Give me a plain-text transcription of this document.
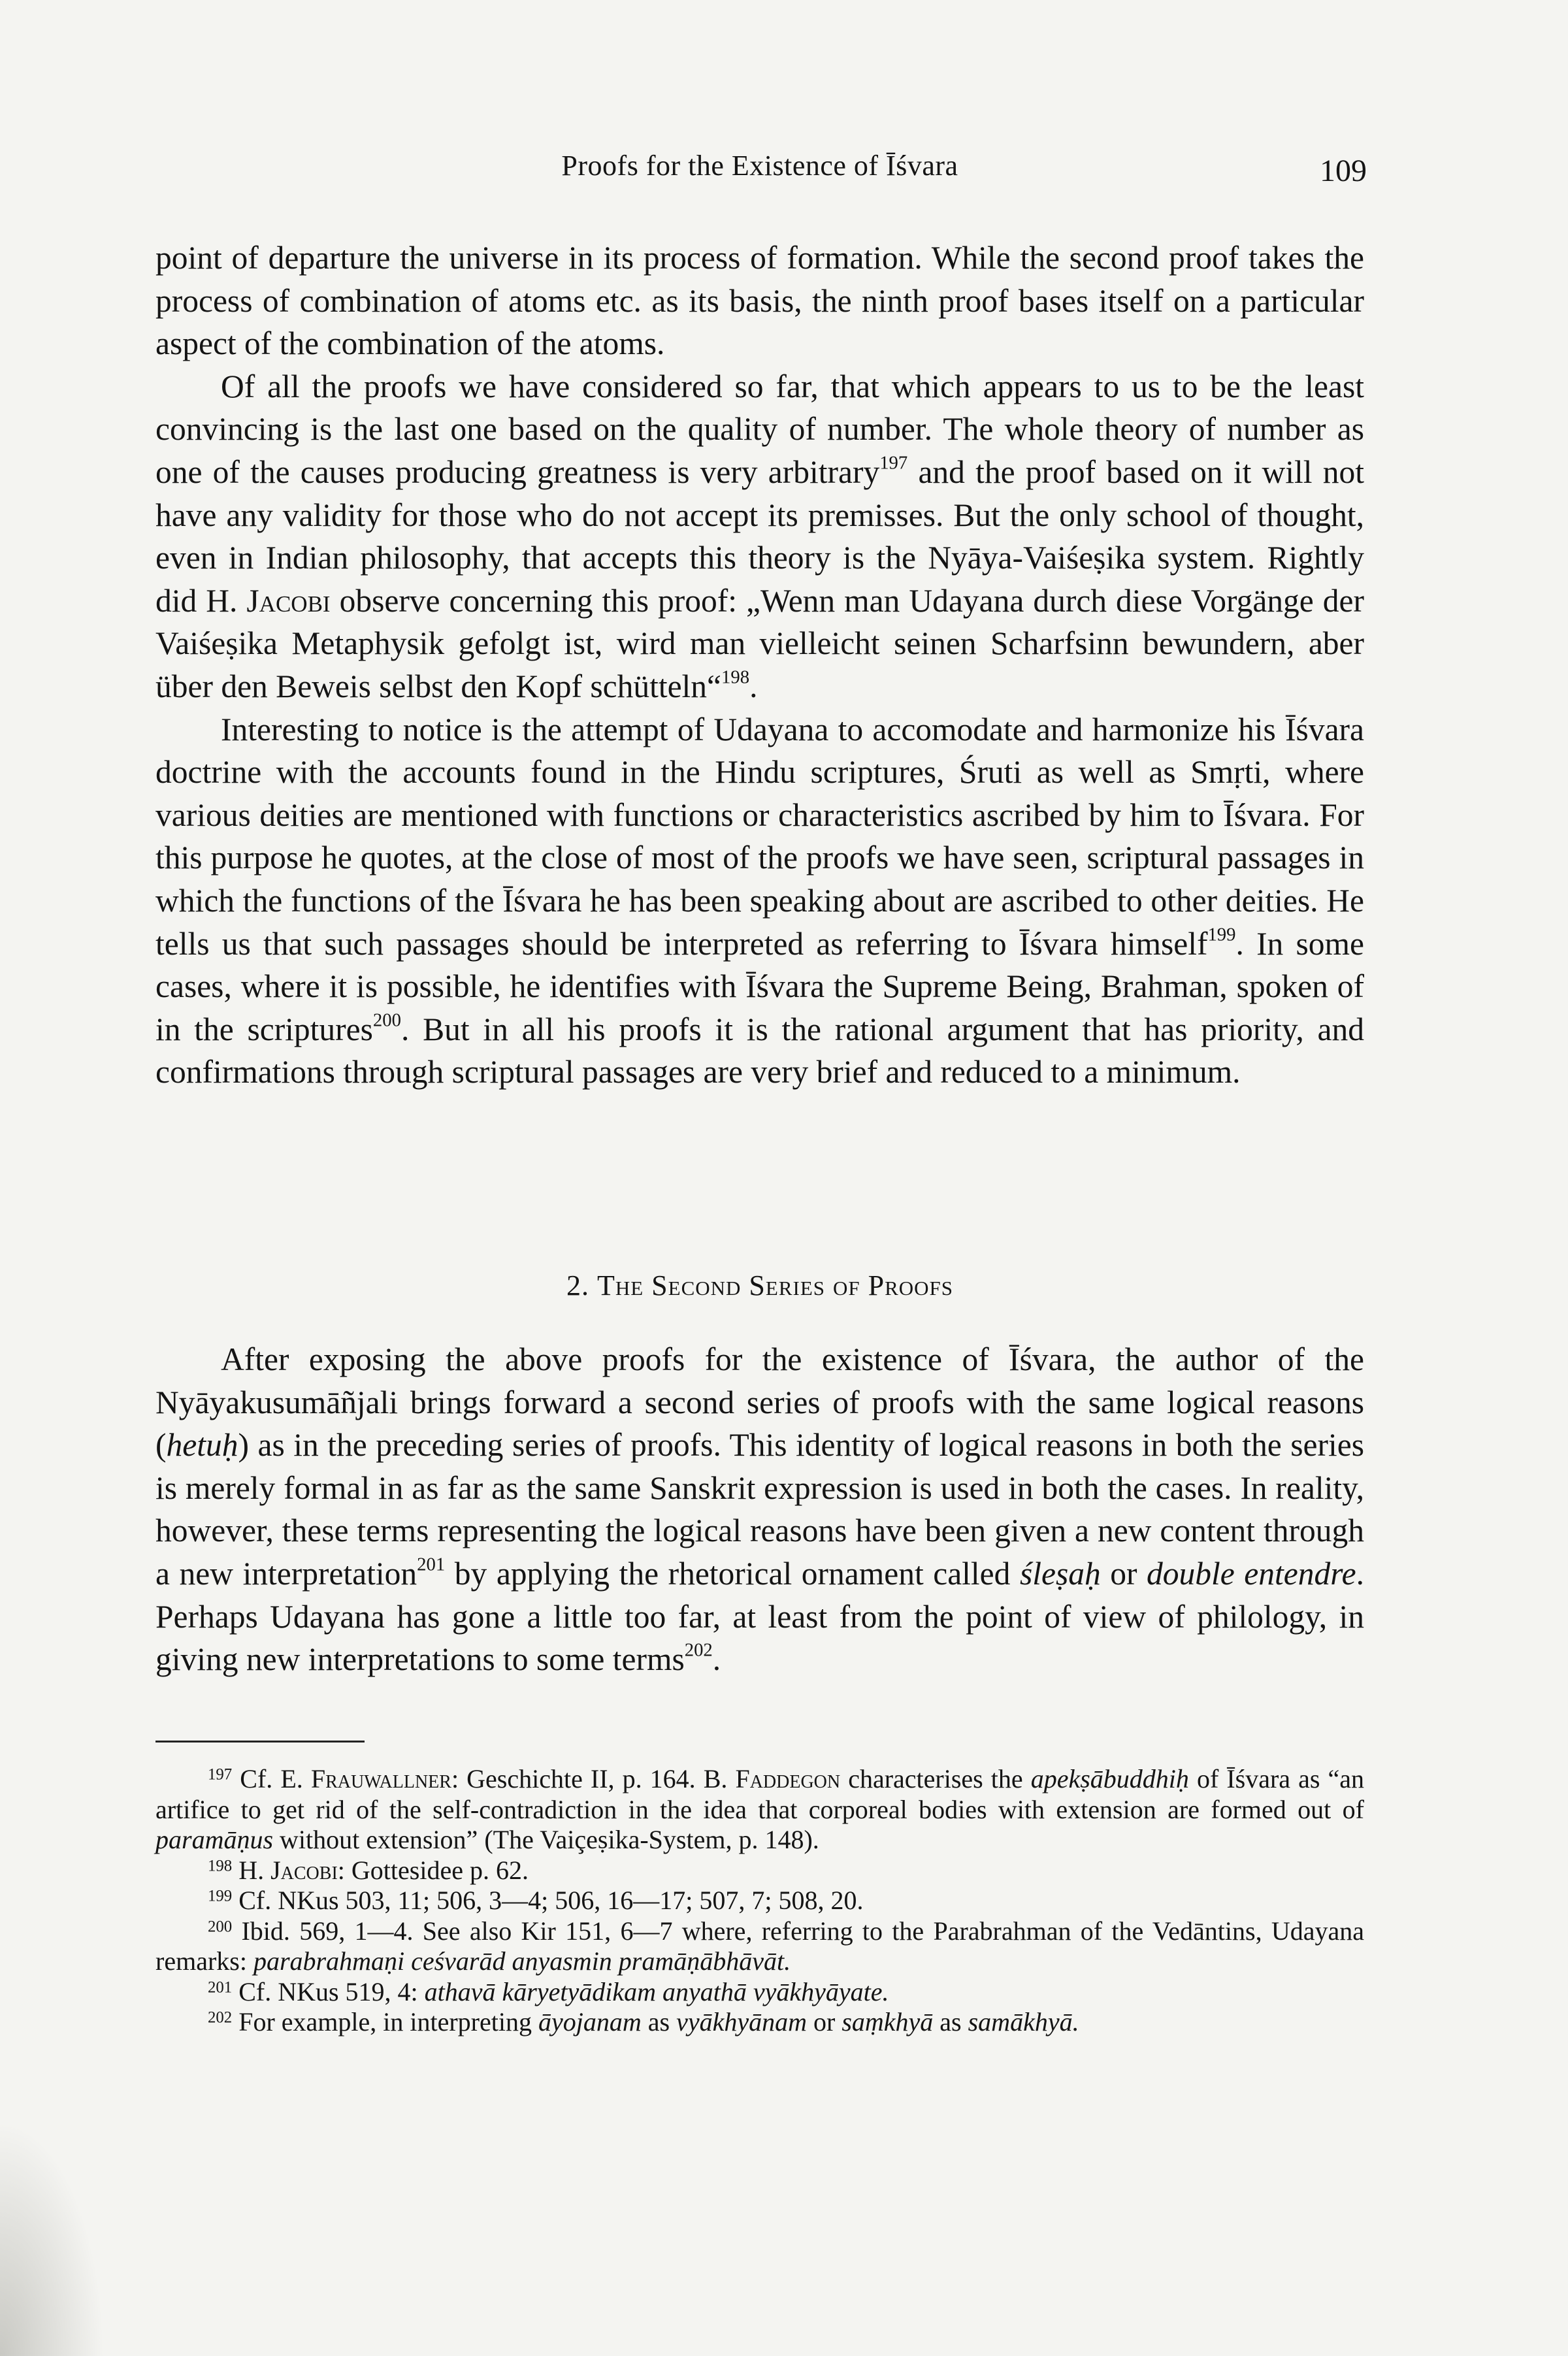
Proofs for the Existence of Īśvara	109

point of departure the universe in its process of formation. While the second proof takes the process of combination of atoms etc. as its basis, the ninth proof bases itself on a particular aspect of the combination of the atoms.

Of all the proofs we have considered so far, that which appears to us to be the least convincing is the last one based on the quality of number. The whole theory of number as one of the causes producing greatness is very arbitrary$^{197}$ and the proof based on it will not have any validity for those who do not accept its premisses. But the only school of thought, even in Indian philosophy, that accepts this theory is the Nyāya-Vaiśeṣika system. Rightly did H. Jacobi observe concerning this proof: „Wenn man Udayana durch diese Vorgänge der Vaiśeṣika Metaphysik gefolgt ist, wird man vielleicht seinen Scharfsinn bewundern, aber über den Beweis selbst den Kopf schütteln“$^{198}$.

Interesting to notice is the attempt of Udayana to accomodate and harmonize his Īśvara doctrine with the accounts found in the Hindu scriptures, Śruti as well as Smṛti, where various deities are mentioned with functions or characteristics ascribed by him to Īśvara. For this purpose he quotes, at the close of most of the proofs we have seen, scriptural passages in which the functions of the Īśvara he has been speaking about are ascribed to other deities. He tells us that such passages should be interpreted as referring to Īśvara himself$^{199}$. In some cases, where it is possible, he identifies with Īśvara the Supreme Being, Brahman, spoken of in the scriptures$^{200}$. But in all his proofs it is the rational argument that has priority, and confirmations through scriptural passages are very brief and reduced to a minimum.

2. The Second Series of Proofs

After exposing the above proofs for the existence of Īśvara, the author of the Nyāyakusumāñjali brings forward a second series of proofs with the same logical reasons (hetuḥ) as in the preceding series of proofs. This identity of logical reasons in both the series is merely formal in as far as the same Sanskrit expression is used in both the cases. In reality, however, these terms representing the logical reasons have been given a new content through a new interpretation$^{201}$ by applying the rhetorical ornament called śleṣaḥ or double entendre. Perhaps Udayana has gone a little too far, at least from the point of view of philology, in giving new interpretations to some terms$^{202}$.

$^{197}$ Cf. E. Frauwallner: Geschichte II, p. 164. B. Faddegon characterises the apekṣābuddhiḥ of Īśvara as “an artifice to get rid of the self-contradiction in the idea that corporeal bodies with extension are formed out of paramāṇus without extension” (The Vaiçeṣika-System, p. 148).

$^{198}$ H. Jacobi: Gottesidee p. 62.

$^{199}$ Cf. NKus 503, 11; 506, 3—4; 506, 16—17; 507, 7; 508, 20.

$^{200}$ Ibid. 569, 1—4. See also Kir 151, 6—7 where, referring to the Parabrahman of the Vedāntins, Udayana remarks: parabrahmaṇi ceśvarād anyasmin pramāṇābhāvāt.

$^{201}$ Cf. NKus 519, 4: athavā kāryetyādikam anyathā vyākhyāyate.

$^{202}$ For example, in interpreting āyojanam as vyākhyānam or saṃkhyā as samākhyā.
